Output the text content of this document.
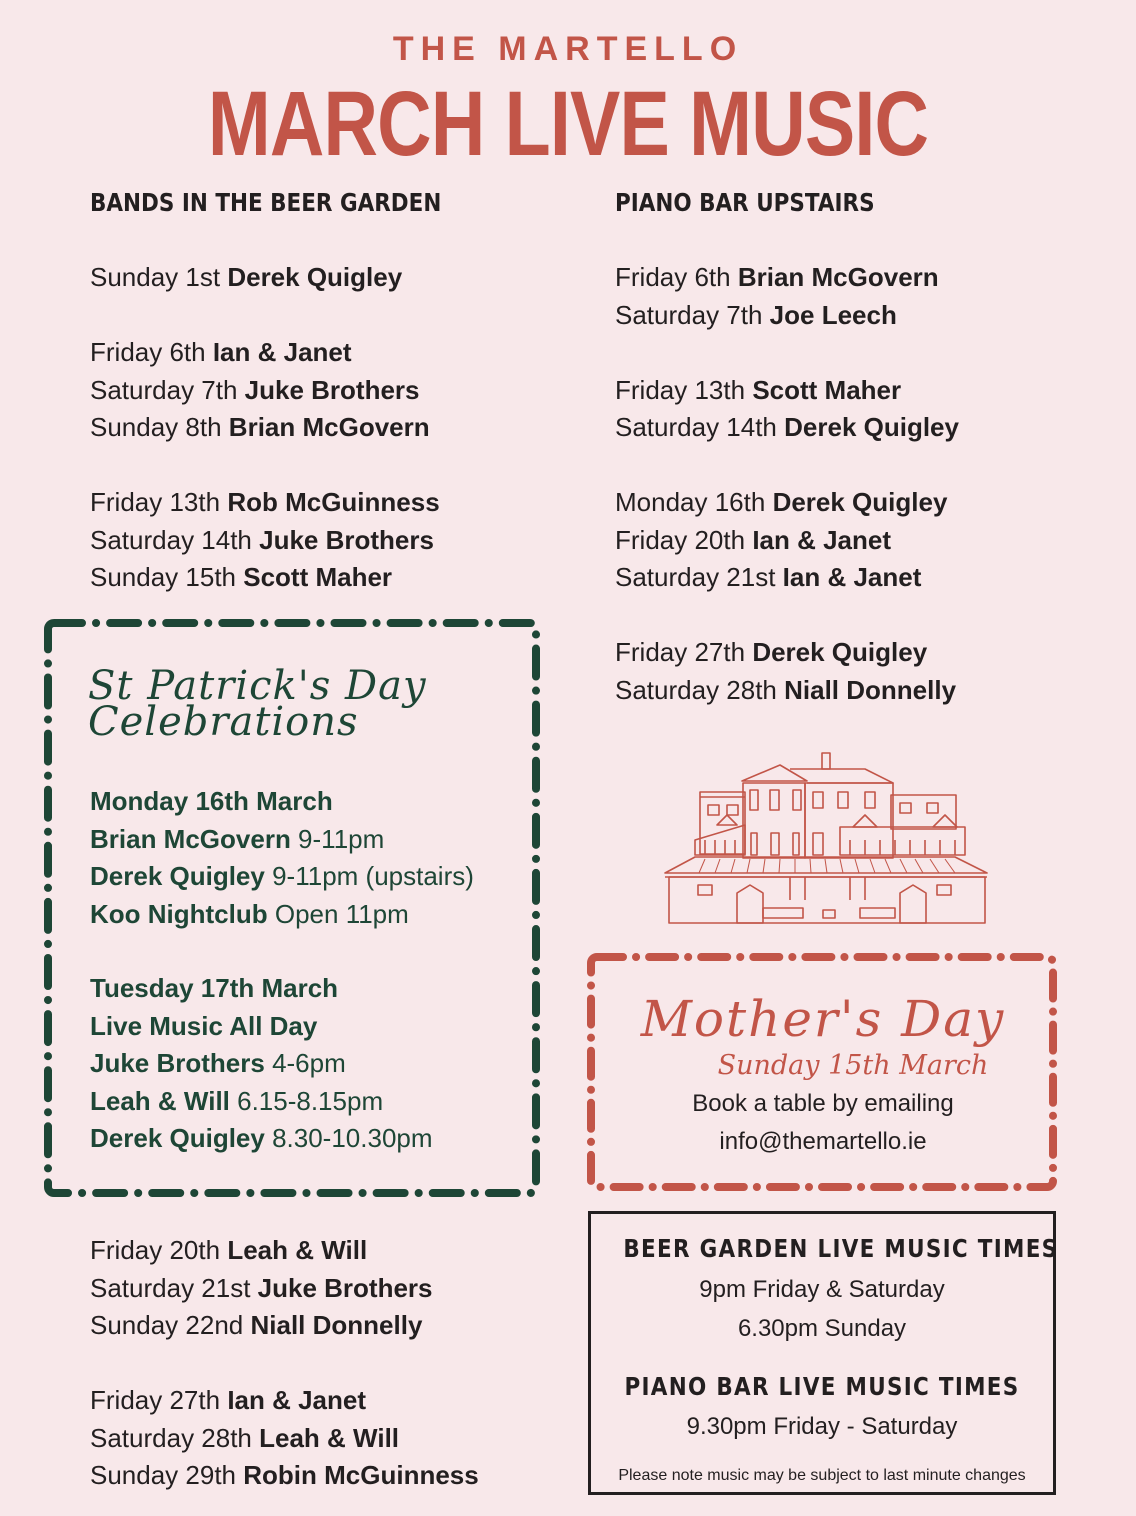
THE MARTELLO
MARCH LIVE MUSIC
BANDS IN THE BEER GARDEN
Sunday 1st Derek Quigley
Friday 6th Ian & Janet
Saturday 7th Juke Brothers
Sunday 8th Brian McGovern
Friday 13th Rob McGuinness
Saturday 14th Juke Brothers
Sunday 15th Scott Maher
St Patrick's Day
Celebrations
Monday 16th March
Brian McGovern 9-11pm
Derek Quigley 9-11pm (upstairs)
Koo Nightclub Open 11pm
Tuesday 17th March
Live Music All Day
Juke Brothers 4-6pm
Leah & Will 6.15-8.15pm
Derek Quigley 8.30-10.30pm
Friday 20th Leah & Will
Saturday 21st Juke Brothers
Sunday 22nd Niall Donnelly
Friday 27th Ian & Janet
Saturday 28th Leah & Will
Sunday 29th Robin McGuinness
PIANO BAR UPSTAIRS
Friday 6th Brian McGovern
Saturday 7th Joe Leech
Friday 13th Scott Maher
Saturday 14th Derek Quigley
Monday 16th Derek Quigley
Friday 20th Ian & Janet
Saturday 21st Ian & Janet
Friday 27th Derek Quigley
Saturday 28th Niall Donnelly
Mother's Day
Sunday 15th March
Book a table by emailing
info@themartello.ie
BEER GARDEN LIVE MUSIC TIMES
9pm Friday & Saturday
6.30pm Sunday
PIANO BAR LIVE MUSIC TIMES
9.30pm Friday - Saturday
Please note music may be subject to last minute changes
